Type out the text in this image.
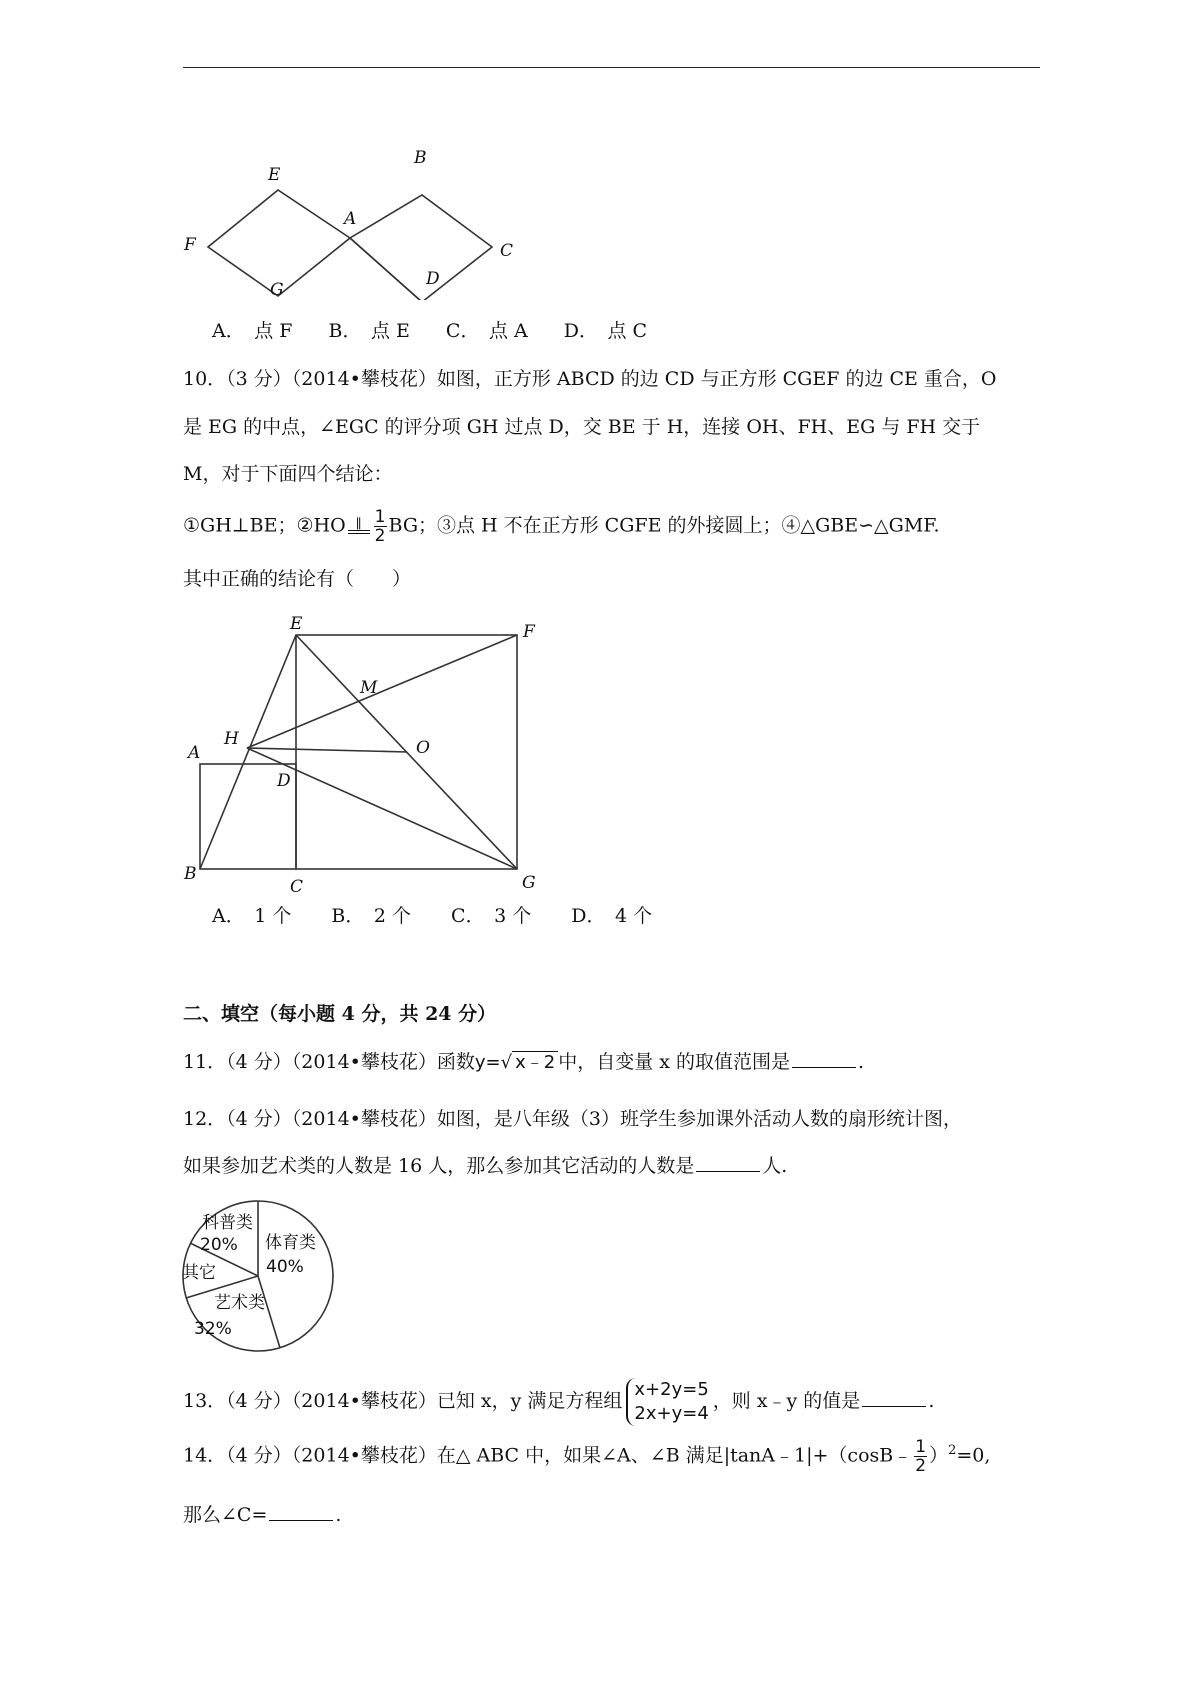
E
B
A
C
F
G
D
A．　点 F B．　点 E C．　点 A D．　点 C
10．（3 分）（2014•攀枝花）如图，正方形 ABCD 的边 CD 与正方形 CGEF 的边 CE 重合，O
是 EG 的中点，∠EGC 的评分项 GH 过点 D，交 BE 于 H，连接 OH、FH、EG 与 FH 交于
M，对于下面四个结论：
①GH⊥BE；②HO ∥ $\frac{1}{2}$ BG；③点 H 不在正方形 CGFE 的外接圆上；④△GBE∽△GMF.
其中正确的结论有（　　）
E	F
M
H	O
A
D
B
C	G
A．　1 个 B．　2 个 C．　3 个 D．　4 个
二、填空（每小题 4 分，共 24 分）
11．（4 分）（2014•攀枝花）函数y=√ x﹣2 中，自变量 x 的取值范围是	.
12．（4 分）（2014•攀枝花）如图，是八年级（3）班学生参加课外活动人数的扇形统计图，
如果参加艺术类的人数是 16 人，那么参加其它活动的人数是	人.
科普类
20% 体育类
40%
其它
艺术类
32%
13．（4 分）（2014•攀枝花）已知 x，y 满足方程组
x+2y=5
2x+y=4
，则 x﹣y 的值是	.
14．（4 分）（2014•攀枝花）在△ ABC 中，如果∠A、∠B 满足|tanA﹣1|+（cosB﹣ $\frac{1}{2} )^2=0$,
那么∠C=	.
